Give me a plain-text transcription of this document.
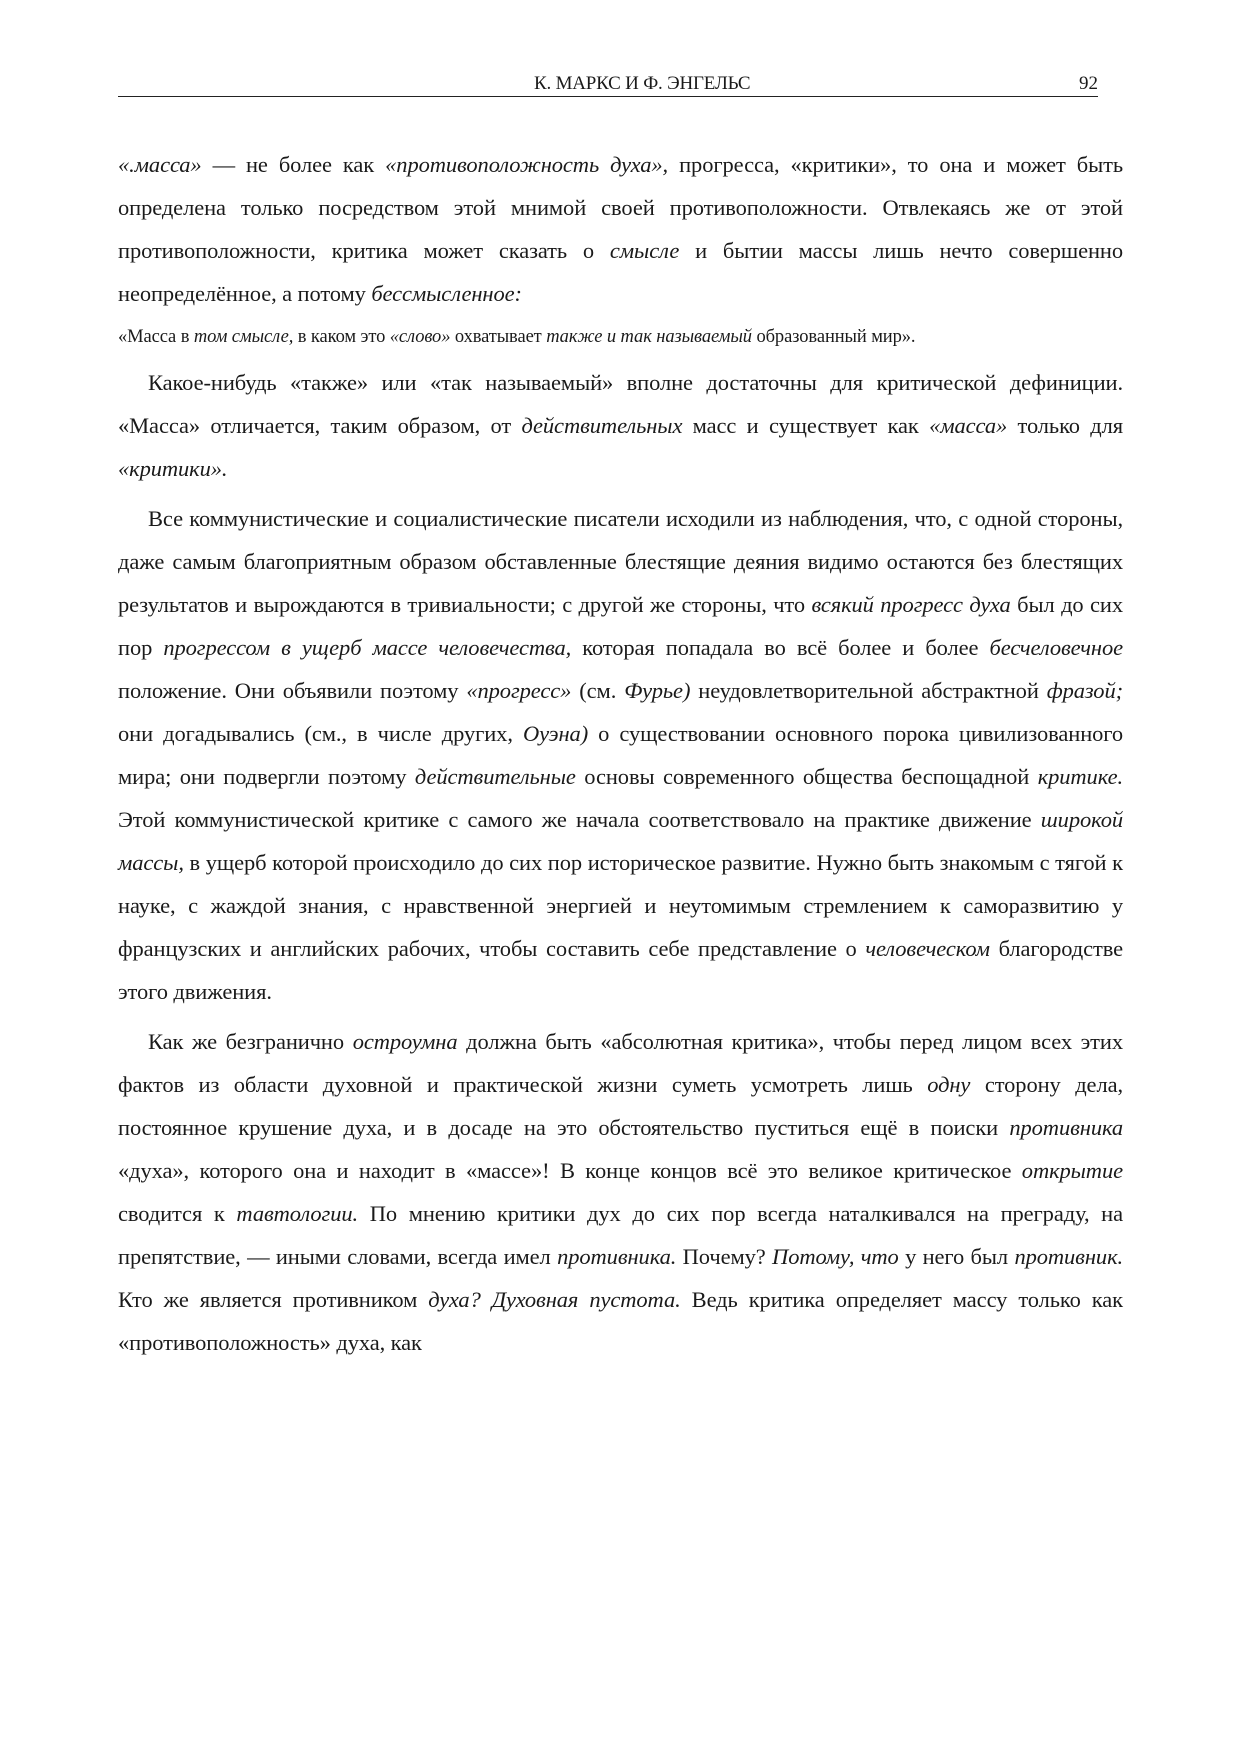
К. МАРКС И Ф. ЭНГЕЛЬС	92

«.масса» — не более как «противоположность духа», прогресса, «критики», то она и может быть определена только посредством этой мнимой своей противоположности. Отвлекаясь же от этой противоположности, критика может сказать о смысле и бытии массы лишь нечто совершенно неопределённое, а потому бессмысленное:

«Масса в том смысле, в каком это «слово» охватывает также и так называемый образованный мир».

Какое-нибудь «также» или «так называемый» вполне достаточны для критической дефиниции. «Масса» отличается, таким образом, от действительных масс и существует как «масса» только для «критики».

Все коммунистические и социалистические писатели исходили из наблюдения, что, с одной стороны, даже самым благоприятным образом обставленные блестящие деяния видимо остаются без блестящих результатов и вырождаются в тривиальности; с другой же стороны, что всякий прогресс духа был до сих пор прогрессом в ущерб массе человечества, которая попадала во всё более и более бесчеловечное положение. Они объявили поэтому «прогресс» (см. Фурье) неудовлетворительной абстрактной фразой; они догадывались (см., в числе других, Оуэна) о существовании основного порока цивилизованного мира; они подвергли поэтому действительные основы современного общества беспощадной критике. Этой коммунистической критике с самого же начала соответствовало на практике движение широкой массы, в ущерб которой происходило до сих пор историческое развитие. Нужно быть знакомым с тягой к науке, с жаждой знания, с нравственной энергией и неутомимым стремлением к саморазвитию у французских и английских рабочих, чтобы составить себе представление о человеческом благородстве этого движения.

Как же безгранично остроумна должна быть «абсолютная критика», чтобы перед лицом всех этих фактов из области духовной и практической жизни суметь усмотреть лишь одну сторону дела, постоянное крушение духа, и в досаде на это обстоятельство пуститься ещё в поиски противника «духа», которого она и находит в «массе»! В конце концов всё это великое критическое открытие сводится к тавтологии. По мнению критики дух до сих пор всегда наталкивался на преграду, на препятствие, — иными словами, всегда имел противника. Почему? Потому, что у него был противник. Кто же является противником духа? Духовная пустота. Ведь критика определяет массу только как «противоположность» духа, как
